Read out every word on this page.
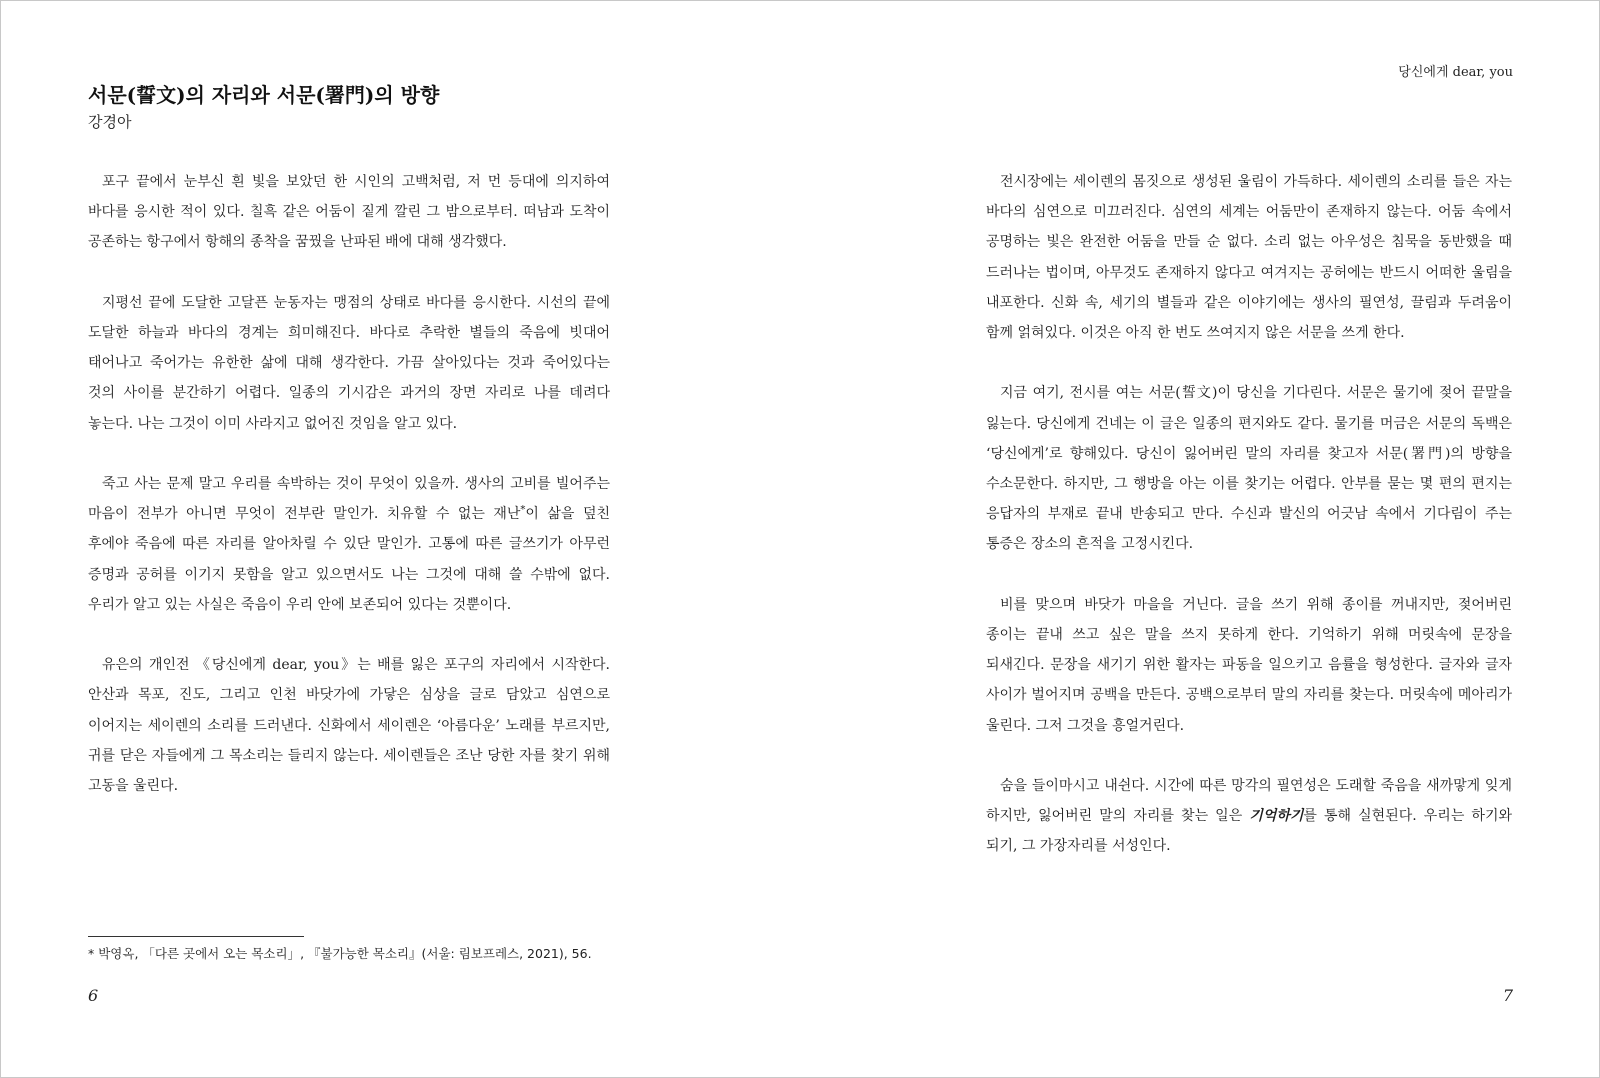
서문(誓文)의 자리와 서문(署門)의 방향
강경아

포구 끝에서 눈부신 흰 빛을 보았던 한 시인의 고백처럼, 저 먼 등대에 의지하여 바다를 응시한 적이 있다. 칠흑 같은 어둠이 짙게 깔린 그 밤으로부터. 떠남과 도착이 공존하는 항구에서 항해의 종착을 꿈꿨을 난파된 배에 대해 생각했다.

지평선 끝에 도달한 고달픈 눈동자는 맹점의 상태로 바다를 응시한다. 시선의 끝에 도달한 하늘과 바다의 경계는 희미해진다. 바다로 추락한 별들의 죽음에 빗대어 태어나고 죽어가는 유한한 삶에 대해 생각한다. 가끔 살아있다는 것과 죽어있다는 것의 사이를 분간하기 어렵다. 일종의 기시감은 과거의 장면 자리로 나를 데려다 놓는다. 나는 그것이 이미 사라지고 없어진 것임을 알고 있다.

죽고 사는 문제 말고 우리를 속박하는 것이 무엇이 있을까. 생사의 고비를 빌어주는 마음이 전부가 아니면 무엇이 전부란 말인가. 치유할 수 없는 재난*이 삶을 덮친 후에야 죽음에 따른 자리를 알아차릴 수 있단 말인가. 고통에 따른 글쓰기가 아무런 증명과 공허를 이기지 못함을 알고 있으면서도 나는 그것에 대해 쓸 수밖에 없다. 우리가 알고 있는 사실은 죽음이 우리 안에 보존되어 있다는 것뿐이다.

유은의 개인전 《당신에게 dear, you》는 배를 잃은 포구의 자리에서 시작한다. 안산과 목포, 진도, 그리고 인천 바닷가에 가닿은 심상을 글로 담았고 심연으로 이어지는 세이렌의 소리를 드러낸다. 신화에서 세이렌은 ‘아름다운’ 노래를 부르지만, 귀를 닫은 자들에게 그 목소리는 들리지 않는다. 세이렌들은 조난 당한 자를 찾기 위해 고동을 울린다.

* 박영옥, 「다른 곳에서 오는 목소리」, 『불가능한 목소리』(서울: 림보프레스, 2021), 56.
6
당신에게 dear, you

전시장에는 세이렌의 몸짓으로 생성된 울림이 가득하다. 세이렌의 소리를 들은 자는 바다의 심연으로 미끄러진다. 심연의 세계는 어둠만이 존재하지 않는다. 어둠 속에서 공명하는 빛은 완전한 어둠을 만들 순 없다. 소리 없는 아우성은 침묵을 동반했을 때 드러나는 법이며, 아무것도 존재하지 않다고 여겨지는 공허에는 반드시 어떠한 울림을 내포한다. 신화 속, 세기의 별들과 같은 이야기에는 생사의 필연성, 끌림과 두려움이 함께 얽혀있다. 이것은 아직 한 번도 쓰여지지 않은 서문을 쓰게 한다.

지금 여기, 전시를 여는 서문(誓文)이 당신을 기다린다. 서문은 물기에 젖어 끝말을 잃는다. 당신에게 건네는 이 글은 일종의 편지와도 같다. 물기를 머금은 서문의 독백은 ‘당신에게’로 향해있다. 당신이 잃어버린 말의 자리를 찾고자 서문(署門)의 방향을 수소문한다. 하지만, 그 행방을 아는 이를 찾기는 어렵다. 안부를 묻는 몇 편의 편지는 응답자의 부재로 끝내 반송되고 만다. 수신과 발신의 어긋남 속에서 기다림이 주는 통증은 장소의 흔적을 고정시킨다.

비를 맞으며 바닷가 마을을 거닌다. 글을 쓰기 위해 종이를 꺼내지만, 젖어버린 종이는 끝내 쓰고 싶은 말을 쓰지 못하게 한다. 기억하기 위해 머릿속에 문장을 되새긴다. 문장을 새기기 위한 활자는 파동을 일으키고 음률을 형성한다. 글자와 글자 사이가 벌어지며 공백을 만든다. 공백으로부터 말의 자리를 찾는다. 머릿속에 메아리가 울린다. 그저 그것을 흥얼거린다.

숨을 들이마시고 내쉰다. 시간에 따른 망각의 필연성은 도래할 죽음을 새까맣게 잊게 하지만, 잃어버린 말의 자리를 찾는 일은 기억하기를 통해 실현된다. 우리는 하기와 되기, 그 가장자리를 서성인다.

7
